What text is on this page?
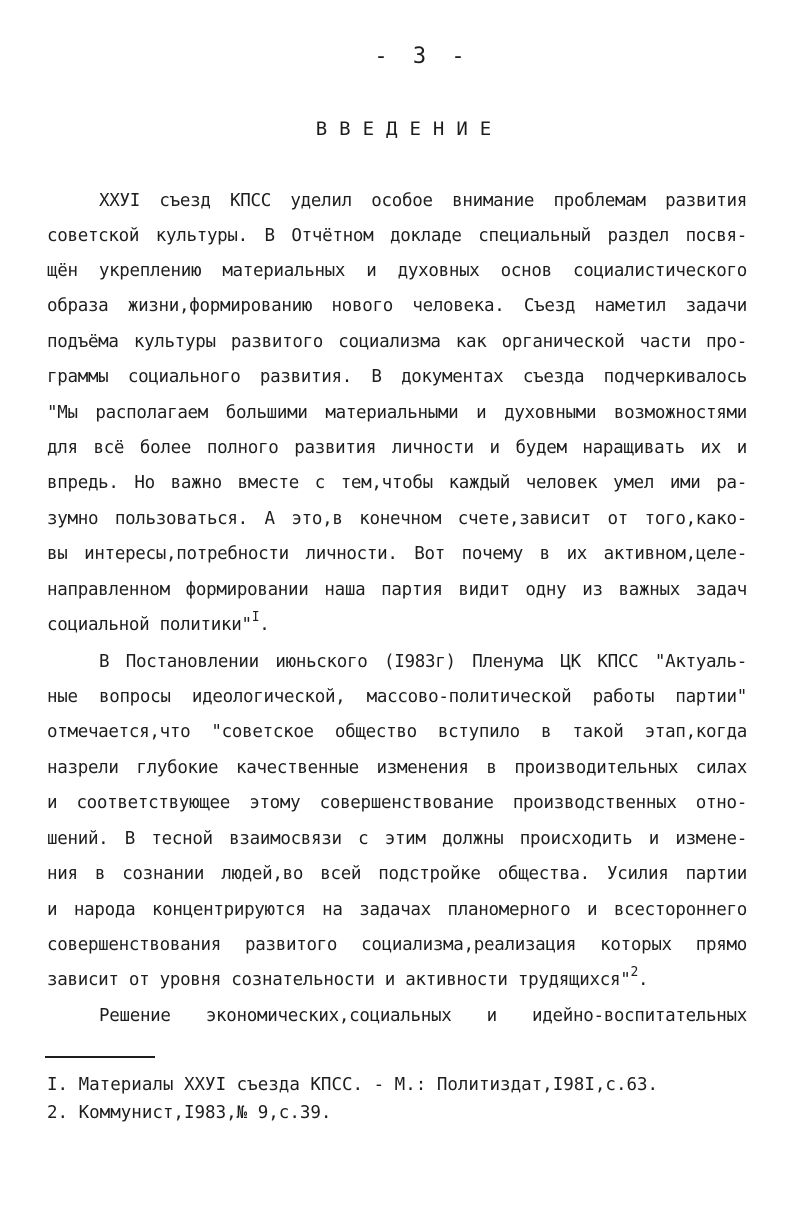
- 3 -
ВВЕДЕНИЕ
ХХУI съезд КПСС уделил особое внимание проблемам развития
советской культуры. В Отчётном докладе специальный раздел посвя-
щён укреплению материальных и духовных основ социалистического
образа жизни,формированию нового человека. Съезд наметил задачи
подъёма культуры развитого социализма как органической части про-
граммы социального развития. В документах съезда подчеркивалось
"Мы располагаем большими материальными и духовными возможностями
для всё более полного развития личности и будем наращивать их и
впредь. Но важно вместе с тем,чтобы каждый человек умел ими ра-
зумно пользоваться. А это,в конечном счете,зависит от того,како-
вы интересы,потребности личности. Вот почему в их активном,целе-
направленном формировании наша партия видит одну из важных задач
социальной политики"$^I$.
В Постановлении июньского (I983г) Пленума ЦК КПСС "Актуаль-
ные вопросы идеологической, массово-политической работы партии"
отмечается,что "советское общество вступило в такой этап,когда
назрели глубокие качественные изменения в производительных силах
и соответствующее этому совершенствование производственных отно-
шений. В тесной взаимосвязи с этим должны происходить и измене-
ния в сознании людей,во всей подстройке общества. Усилия партии
и народа концентрируются на задачах планомерного и всестороннего
совершенствования развитого социализма,реализация которых прямо
зависит от уровня сознательности и активности трудящихся"$^2$.
Решение экономических,социальных и идейно-воспитательных
I. Материалы ХХУI съезда КПСС. - М.: Политиздат,I98I,с.63.
2. Коммунист,I983,№ 9,с.39.
